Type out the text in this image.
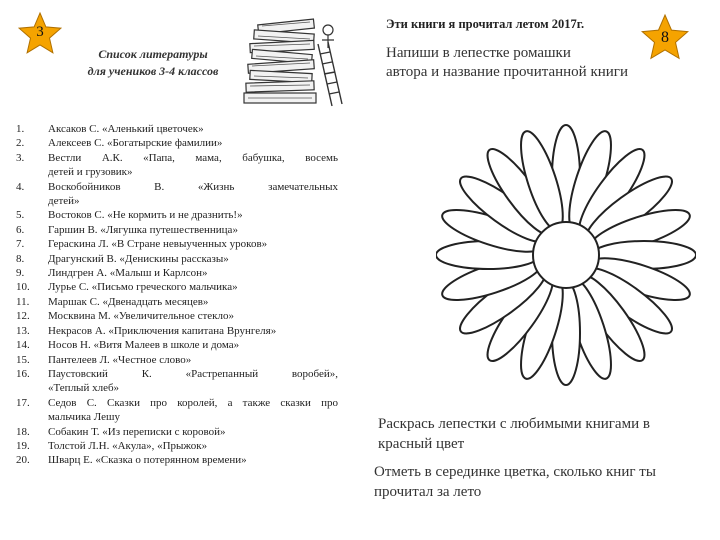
3
Список литературы
для учеников 3-4 классов
1.	Аксаков С. «Аленький цветочек»
2.	Алексеев С. «Богатырские фамилии»
3.	Вестли А.К. «Папа, мама, бабушка, восемь
детей и грузовик»
4.	Воскобойников В. «Жизнь замечательных
детей»
5.	Востоков С. «Не кормить и не дразнить!»
6.	Гаршин В. «Лягушка путешественница»
7.	Гераскина Л. «В Стране невыученных уроков»
8.	Драгунский В. «Денискины рассказы»
9.	Линдгрен А. «Малыш и Карлсон»
10.	Лурье С. «Письмо греческого мальчика»
11.	Маршак С. «Двенадцать месяцев»
12.	Москвина М. «Увеличительное стекло»
13.	Некрасов А. «Приключения капитана Врунгеля»
14.	Носов Н. «Витя Малеев в школе и дома»
15.	Пантелеев Л. «Честное слово»
16.	Паустовский К. «Растрепанный воробей»,
«Теплый хлеб»
17.	Седов С. Сказки про королей, а также сказки про
мальчика Лешу
18.	Собакин Т. «Из переписки с коровой»
19.	Толстой Л.Н. «Акула», «Прыжок»
20.	Шварц Е. «Сказка о потерянном времени»
Эти книги я прочитал летом 2017г.
8
Напиши в лепестке ромашки
автора и название прочитанной книги
Раскрась лепестки с любимыми книгами в
красный цвет
Отметь в серединке цветка, сколько книг ты
прочитал за лето
